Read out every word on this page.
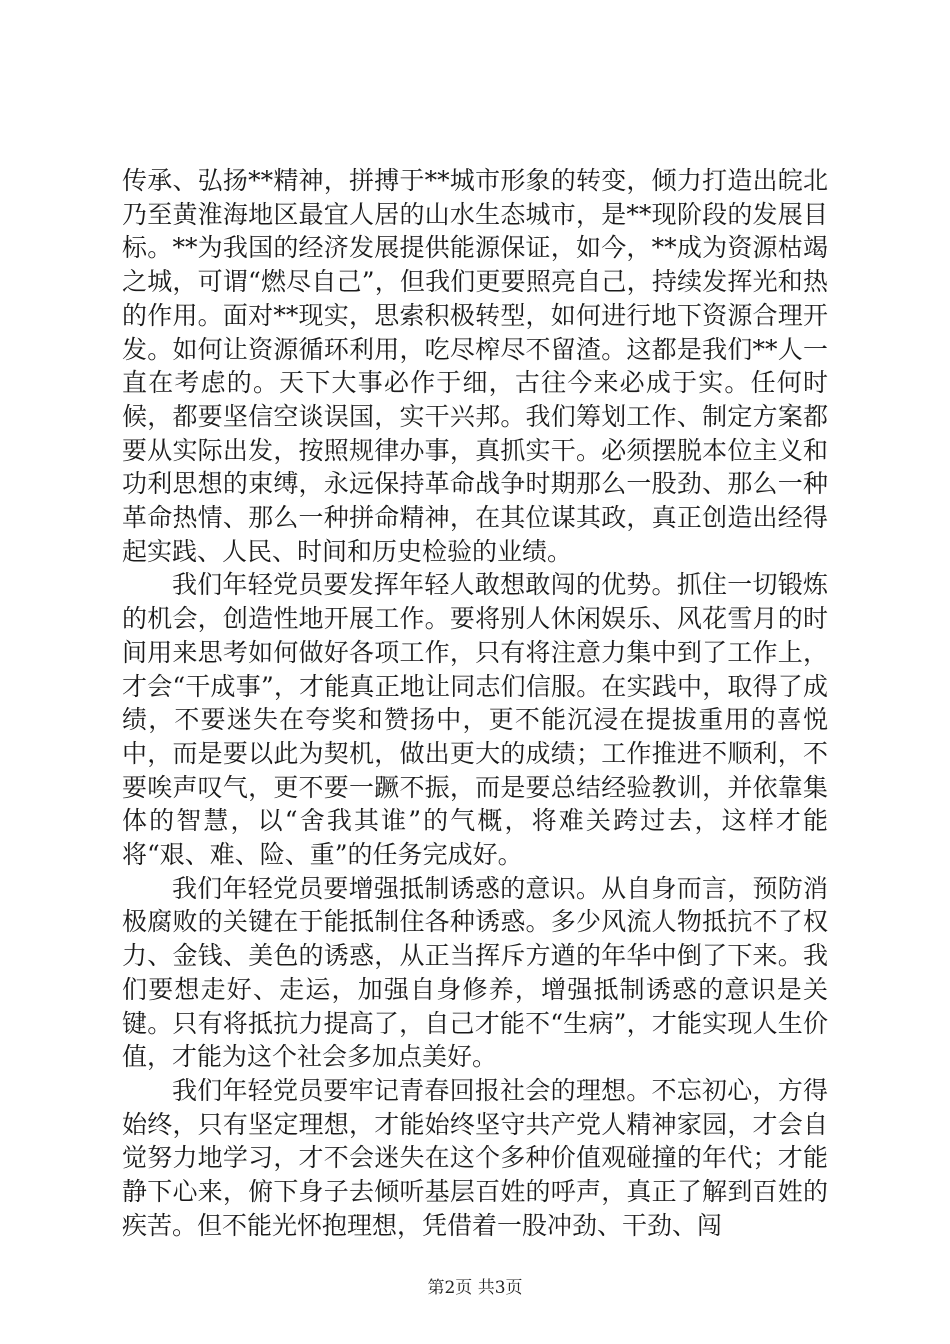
传承、弘扬**精神，拼搏于**城市形象的转变，倾力打造出皖北乃至黄淮海地区最宜人居的山水生态城市，是**现阶段的发展目标。**为我国的经济发展提供能源保证，如今，**成为资源枯竭之城，可谓“燃尽自己”，但我们更要照亮自己，持续发挥光和热的作用。面对**现实，思索积极转型，如何进行地下资源合理开发。如何让资源循环利用，吃尽榨尽不留渣。这都是我们**人一直在考虑的。天下大事必作于细，古往今来必成于实。任何时候，都要坚信空谈误国，实干兴邦。我们筹划工作、制定方案都要从实际出发，按照规律办事，真抓实干。必须摆脱本位主义和功利思想的束缚，永远保持革命战争时期那么一股劲、那么一种革命热情、那么一种拼命精神，在其位谋其政，真正创造出经得起实践、人民、时间和历史检验的业绩。

我们年轻党员要发挥年轻人敢想敢闯的优势。抓住一切锻炼的机会，创造性地开展工作。要将别人休闲娱乐、风花雪月的时间用来思考如何做好各项工作，只有将注意力集中到了工作上，才会“干成事”，才能真正地让同志们信服。在实践中，取得了成绩，不要迷失在夸奖和赞扬中，更不能沉浸在提拔重用的喜悦中，而是要以此为契机，做出更大的成绩；工作推进不顺利，不要唉声叹气，更不要一蹶不振，而是要总结经验教训，并依靠集体的智慧，以“舍我其谁”的气概，将难关跨过去，这样才能将“艰、难、险、重”的任务完成好。

我们年轻党员要增强抵制诱惑的意识。从自身而言，预防消极腐败的关键在于能抵制住各种诱惑。多少风流人物抵抗不了权力、金钱、美色的诱惑，从正当挥斥方遒的年华中倒了下来。我们要想走好、走运，加强自身修养，增强抵制诱惑的意识是关键。只有将抵抗力提高了，自己才能不“生病”，才能实现人生价值，才能为这个社会多加点美好。

我们年轻党员要牢记青春回报社会的理想。不忘初心，方得始终，只有坚定理想，才能始终坚守共产党人精神家园，才会自觉努力地学习，才不会迷失在这个多种价值观碰撞的年代；才能静下心来，俯下身子去倾听基层百姓的呼声，真正了解到百姓的疾苦。但不能光怀抱理想，凭借着一股冲劲、干劲、闯

第2页 共3页
